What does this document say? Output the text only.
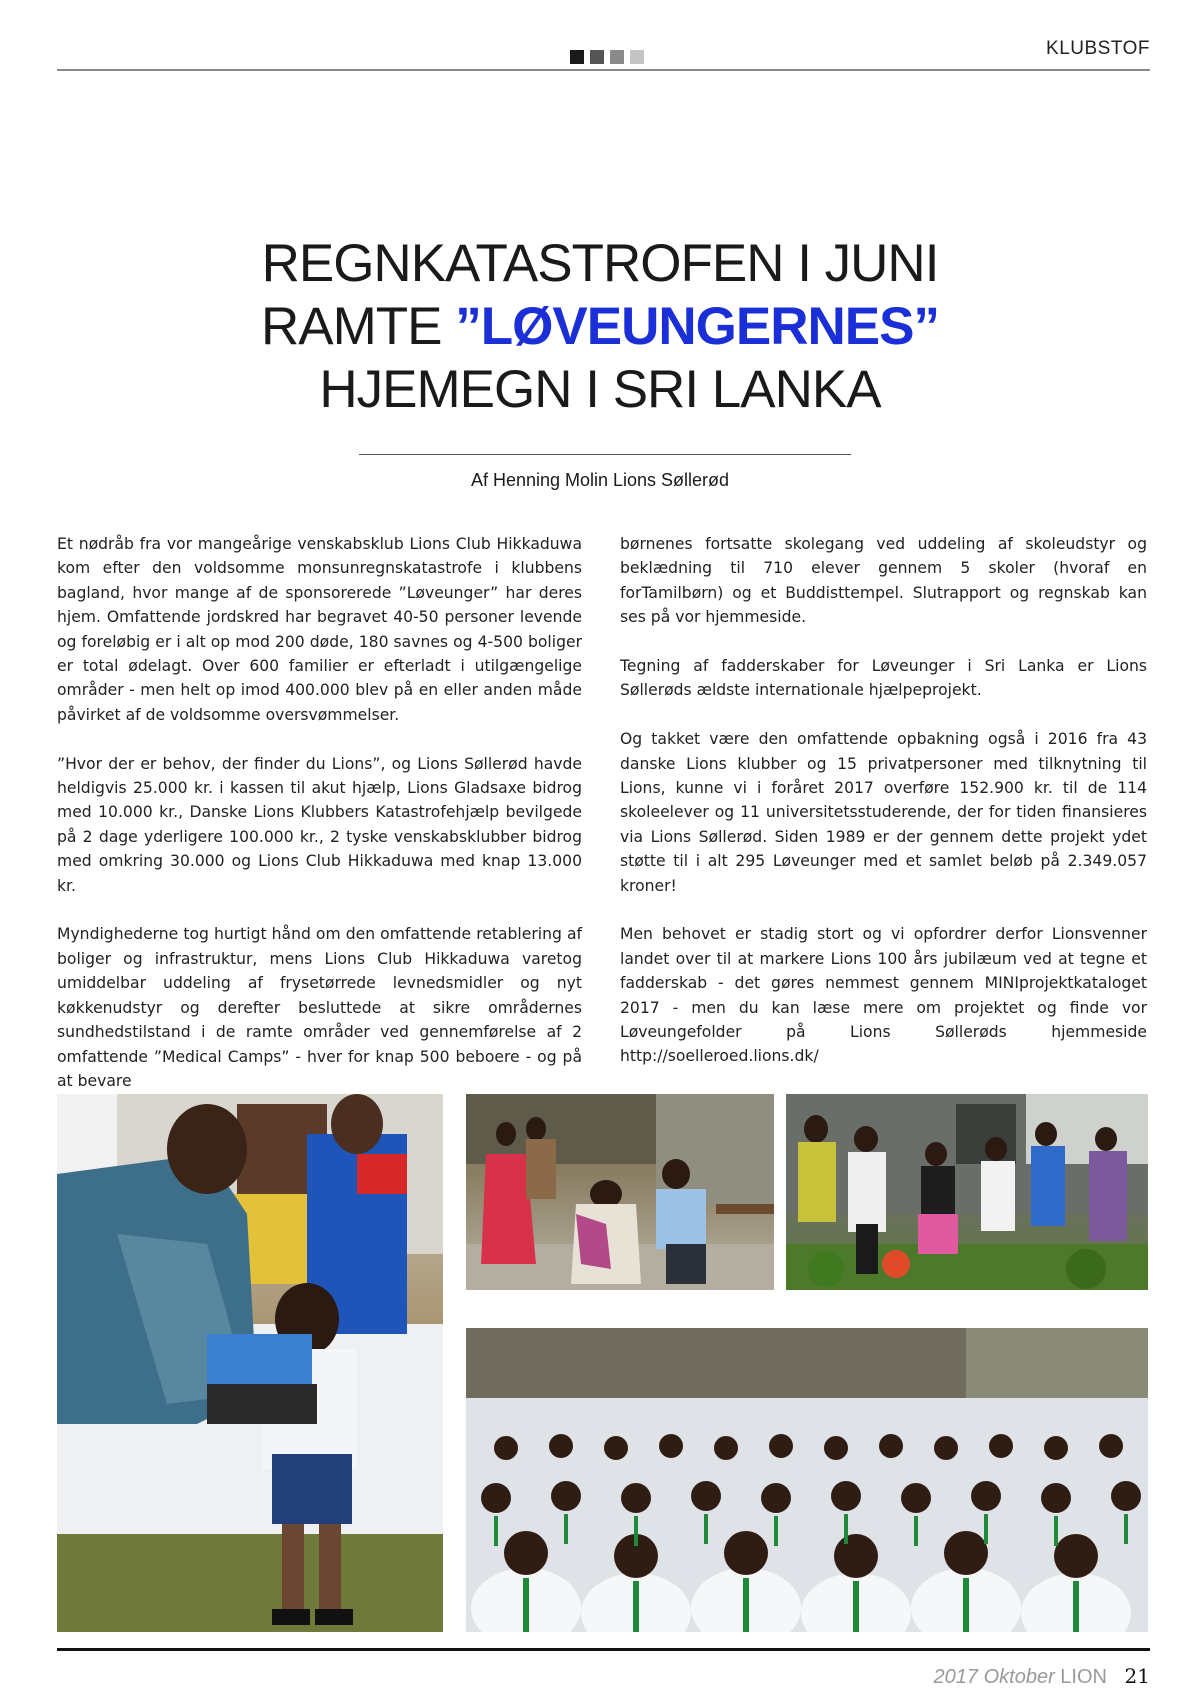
KLUBSTOF
REGNKATASTROFEN I JUNI
RAMTE ”LØVEUNGERNES”
HJEMEGN I SRI LANKA
Af Henning Molin Lions Søllerød

Et nødråb fra vor mangeårige venskabsklub Lions Club Hikkaduwa kom efter den voldsomme monsunregnskatastrofe i klubbens bagland, hvor mange af de sponsorerede ”Løveunger” har deres hjem. Omfattende jordskred har begravet 40-50 personer levende og foreløbig er i alt op mod 200 døde, 180 savnes og 4-500 boliger er total ødelagt. Over 600 familier er efterladt i utilgængelige områder - men helt op imod 400.000 blev på en eller anden måde påvirket af de voldsomme oversvømmelser.

”Hvor der er behov, der finder du Lions”, og Lions Søllerød havde heldigvis 25.000 kr. i kassen til akut hjælp, Lions Gladsaxe bidrog med 10.000 kr., Danske Lions Klubbers Katastrofehjælp bevilgede på 2 dage yderligere 100.000 kr., 2 tyske venskabsklubber bidrog med omkring 30.000 og Lions Club Hikkaduwa med knap 13.000 kr.

Myndighederne tog hurtigt hånd om den omfattende retablering af boliger og infrastruktur, mens Lions Club Hikkaduwa varetog umiddelbar uddeling af frysetørrede levnedsmidler og nyt køkkenudstyr og derefter besluttede at sikre områdernes sundhedstilstand i de ramte områder ved gennemførelse af 2 omfattende ”Medical Camps” - hver for knap 500 beboere - og på at bevare

børnenes fortsatte skolegang ved uddeling af skoleudstyr og beklædning til 710 elever gennem 5 skoler (hvoraf en forTamilbørn) og et Buddisttempel. Slutrapport og regnskab kan ses på vor hjemmeside.

Tegning af fadderskaber for Løveunger i Sri Lanka er Lions Søllerøds ældste internationale hjælpeprojekt.

Og takket være den omfattende opbakning også i 2016 fra 43 danske Lions klubber og 15 privatpersoner med tilknytning til Lions, kunne vi i foråret 2017 overføre 152.900 kr. til de 114 skoleelever og 11 universitetsstuderende, der for tiden finansieres via Lions Søllerød. Siden 1989 er der gennem dette projekt ydet støtte til i alt 295 Løveunger med et samlet beløb på 2.349.057 kroner!

Men behovet er stadig stort og vi opfordrer derfor Lionsvenner landet over til at markere Lions 100 års jubilæum ved at tegne et fadderskab - det gøres nemmest gennem MINIprojektkataloget 2017 - men du kan læse mere om projektet og finde vor Løveungefolder på Lions Søllerøds hjemmeside http://soelleroed.lions.dk/

2017 Oktober LION 21
